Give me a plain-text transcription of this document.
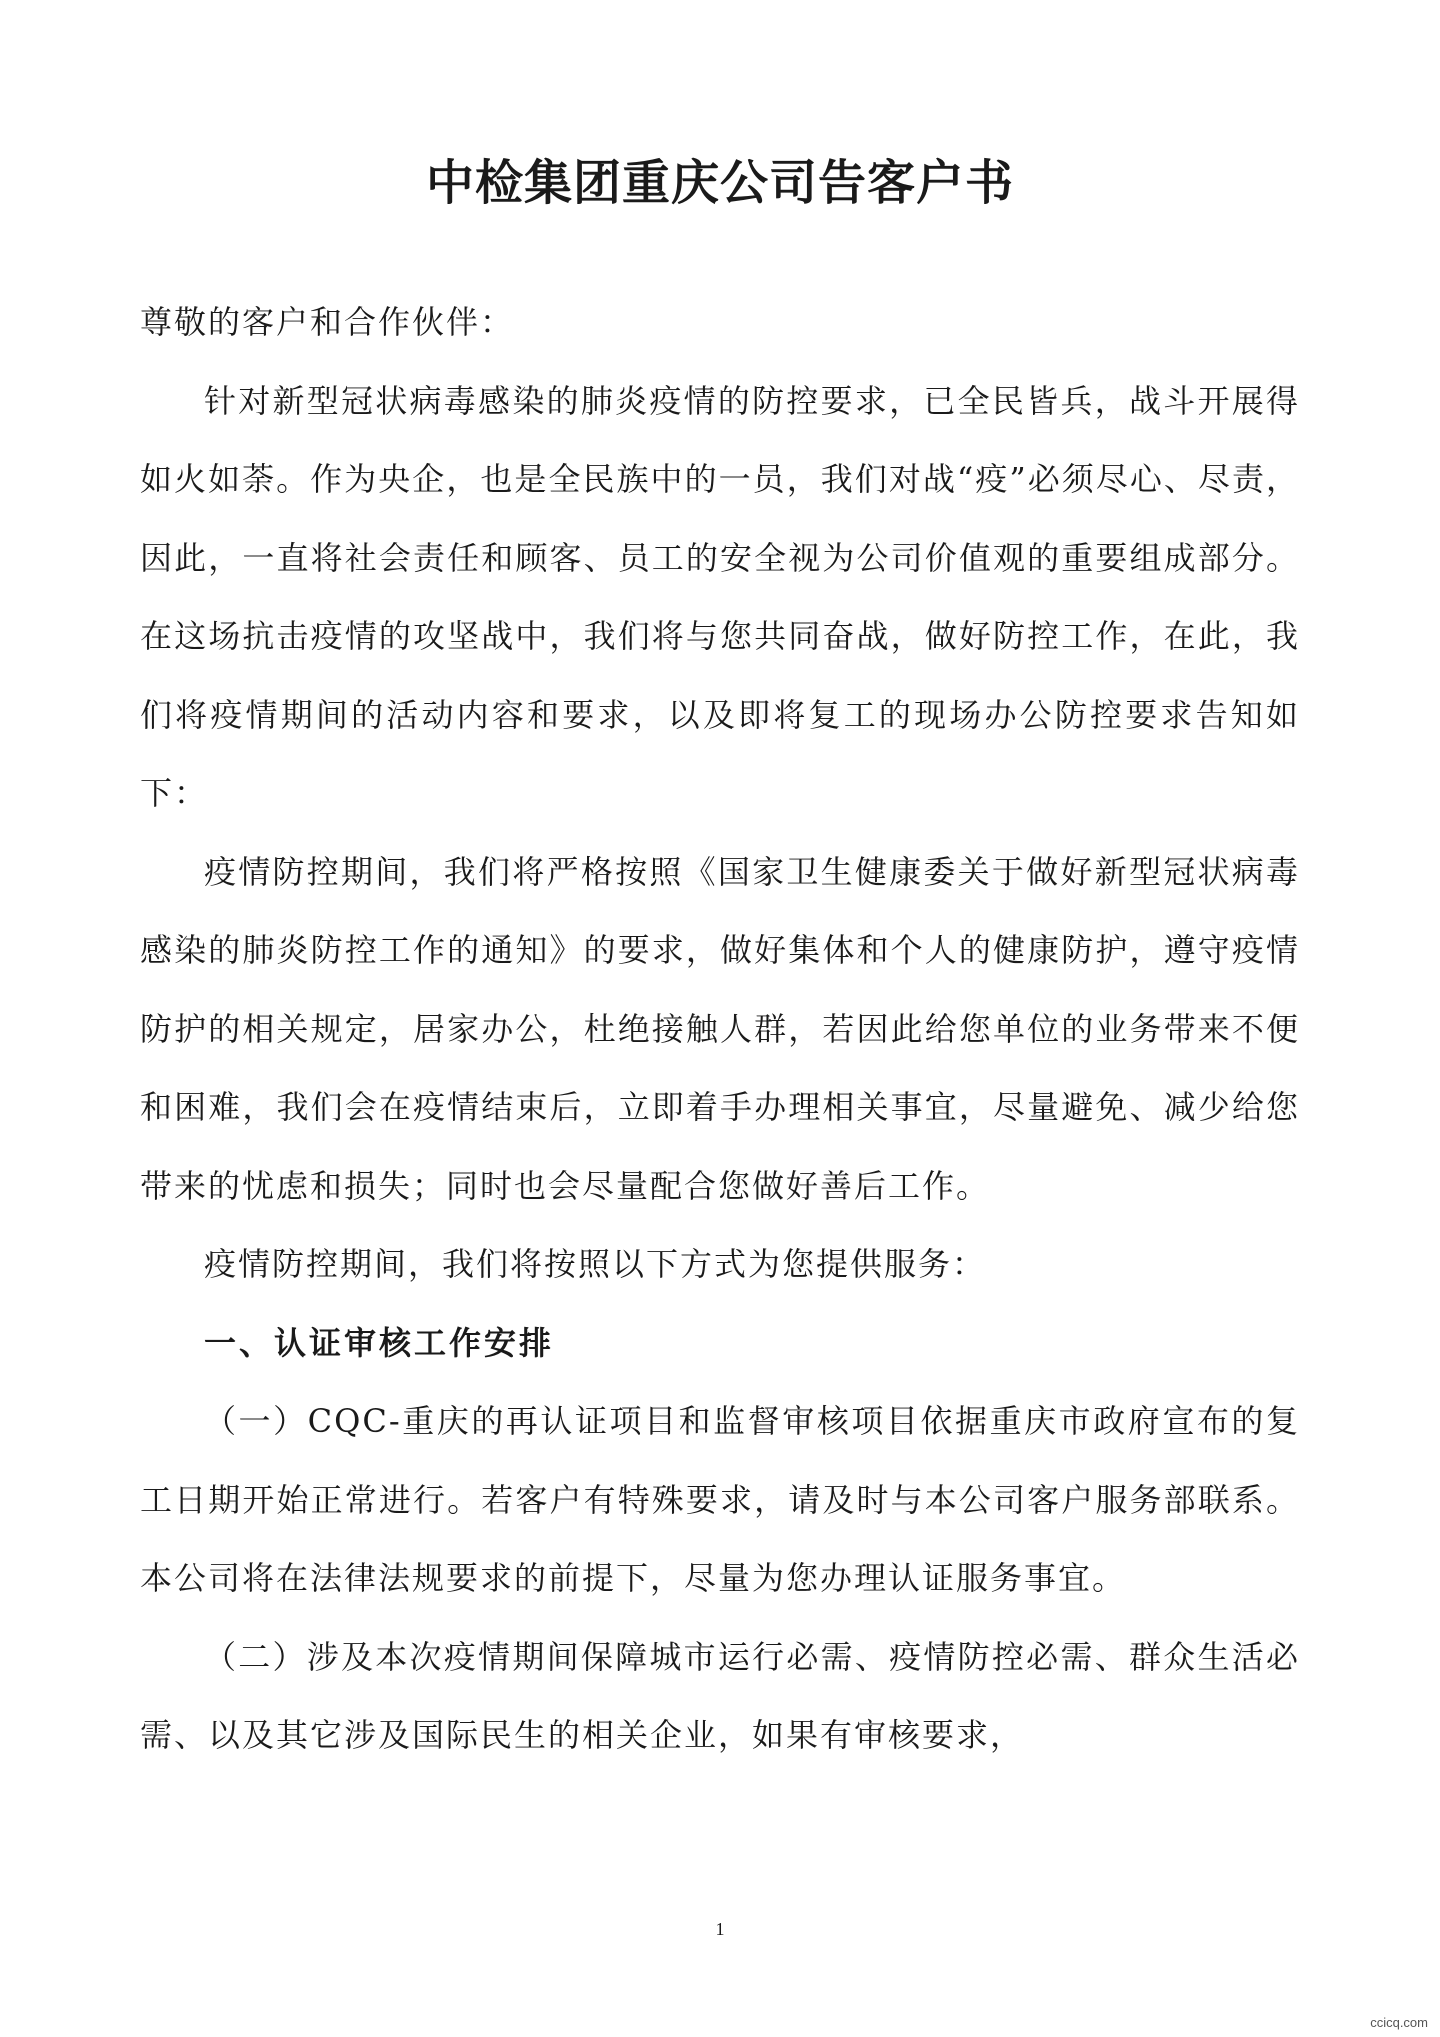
中检集团重庆公司告客户书

尊敬的客户和合作伙伴：

针对新型冠状病毒感染的肺炎疫情的防控要求，已全民皆兵，战斗开展得如火如荼。作为央企，也是全民族中的一员，我们对战“疫”必须尽心、尽责，因此，一直将社会责任和顾客、员工的安全视为公司价值观的重要组成部分。在这场抗击疫情的攻坚战中，我们将与您共同奋战，做好防控工作，在此，我们将疫情期间的活动内容和要求，以及即将复工的现场办公防控要求告知如下：

疫情防控期间，我们将严格按照《国家卫生健康委关于做好新型冠状病毒感染的肺炎防控工作的通知》的要求，做好集体和个人的健康防护，遵守疫情防护的相关规定，居家办公，杜绝接触人群，若因此给您单位的业务带来不便和困难，我们会在疫情结束后，立即着手办理相关事宜，尽量避免、减少给您带来的忧虑和损失；同时也会尽量配合您做好善后工作。

疫情防控期间，我们将按照以下方式为您提供服务：

一、认证审核工作安排

（一）CQC-重庆的再认证项目和监督审核项目依据重庆市政府宣布的复工日期开始正常进行。若客户有特殊要求，请及时与本公司客户服务部联系。本公司将在法律法规要求的前提下，尽量为您办理认证服务事宜。

（二）涉及本次疫情期间保障城市运行必需、疫情防控必需、群众生活必需、以及其它涉及国际民生的相关企业，如果有审核要求，

1
ccicq.com
